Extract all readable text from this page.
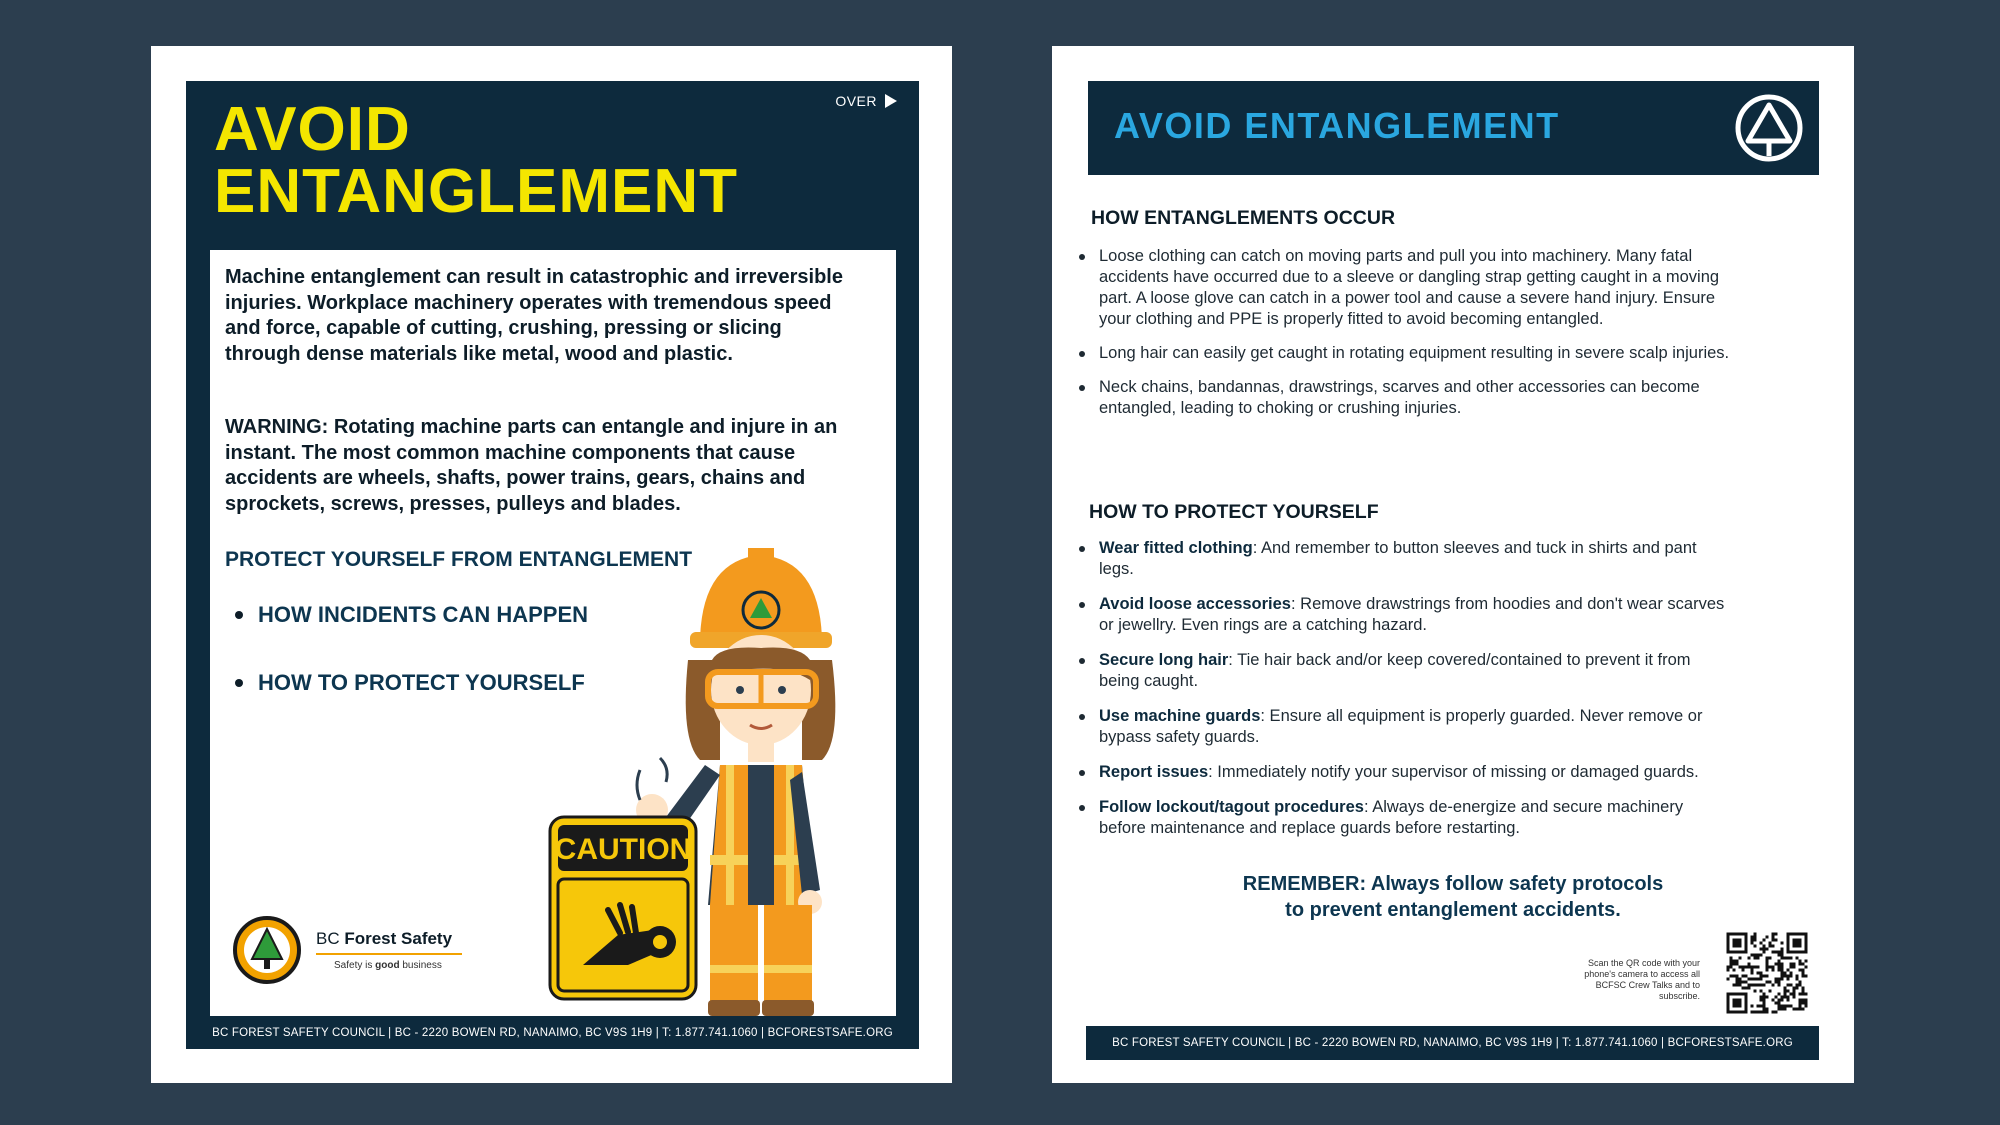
OVER
AVOID
ENTANGLEMENT

Machine entanglement can result in catastrophic and irreversible injuries. Workplace machinery operates with tremendous speed and force, capable of cutting, crushing, pressing or slicing through dense materials like metal, wood and plastic.

WARNING: Rotating machine parts can entangle and injure in an instant. The most common machine components that cause accidents are wheels, shafts, power trains, gears, chains and sprockets, screws, presses, pulleys and blades.

PROTECT YOURSELF FROM ENTANGLEMENT
HOW INCIDENTS CAN HAPPEN
HOW TO PROTECT YOURSELF
CAUTION
BC Forest Safety
Safety is good business
BC FOREST SAFETY COUNCIL | BC - 2220 BOWEN RD, NANAIMO, BC V9S 1H9 | T: 1.877.741.1060 | BCFORESTSAFE.ORG
AVOID ENTANGLEMENT
HOW ENTANGLEMENTS OCCUR
Loose clothing can catch on moving parts and pull you into machinery. Many fatal accidents have occurred due to a sleeve or dangling strap getting caught in a moving part. A loose glove can catch in a power tool and cause a severe hand injury. Ensure your clothing and PPE is properly fitted to avoid becoming entangled.
Long hair can easily get caught in rotating equipment resulting in severe scalp injuries.
Neck chains, bandannas, drawstrings, scarves and other accessories can become entangled, leading to choking or crushing injuries.
HOW TO PROTECT YOURSELF
Wear fitted clothing: And remember to button sleeves and tuck in shirts and pant legs.
Avoid loose accessories: Remove drawstrings from hoodies and don't wear scarves or jewellry. Even rings are a catching hazard.
Secure long hair: Tie hair back and/or keep covered/contained to prevent it from being caught.
Use machine guards: Ensure all equipment is properly guarded. Never remove or bypass safety guards.
Report issues: Immediately notify your supervisor of missing or damaged guards.
Follow lockout/tagout procedures: Always de-energize and secure machinery before maintenance and replace guards before restarting.
REMEMBER: Always follow safety protocols
to prevent entanglement accidents.
Scan the QR code with your phone's camera to access all BCFSC Crew Talks and to subscribe.
BC FOREST SAFETY COUNCIL | BC - 2220 BOWEN RD, NANAIMO, BC V9S 1H9 | T: 1.877.741.1060 | BCFORESTSAFE.ORG
